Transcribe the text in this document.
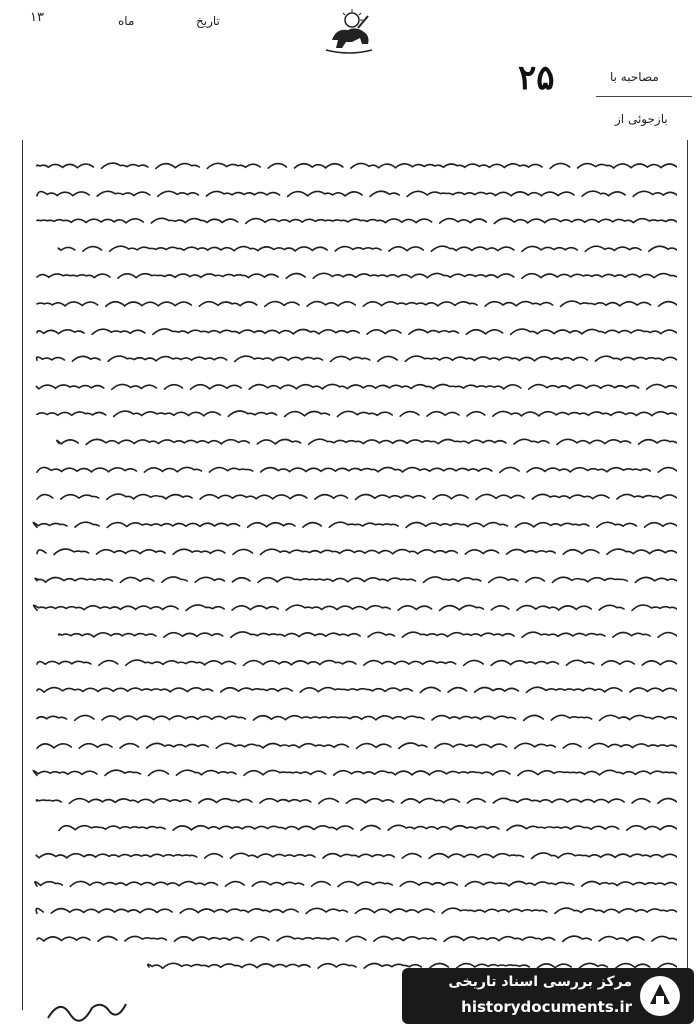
۱۳	ماه	تاریخ
مصاحبه با
بازجوئی از
۲۵
مرکز بررسی اسناد تاریخی
historydocuments.ir
